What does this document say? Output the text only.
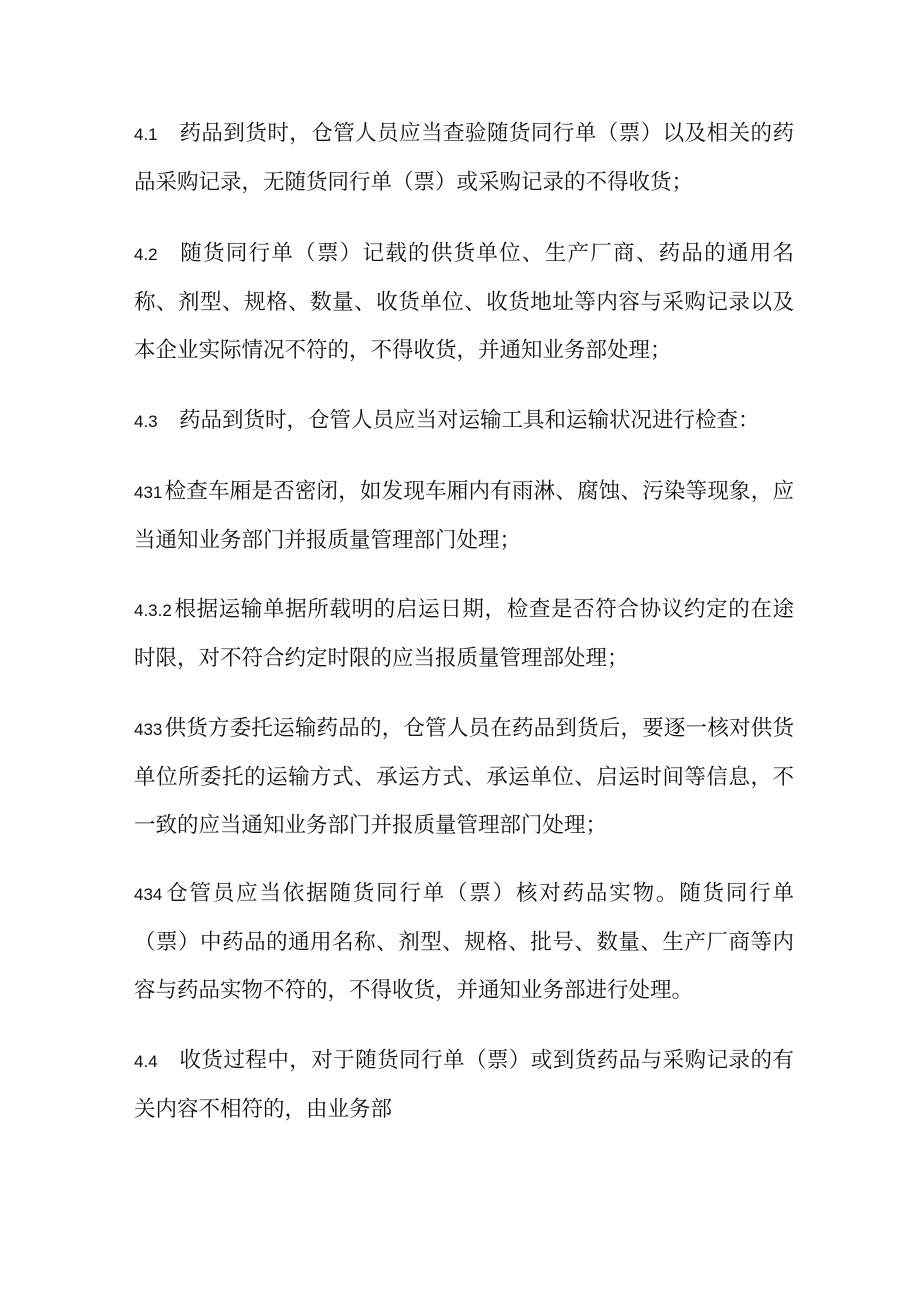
4.1 药品到货时，仓管人员应当查验随货同行单（票）以及相关的药品采购记录，无随货同行单（票）或采购记录的不得收货；

4.2 随货同行单（票）记载的供货单位、生产厂商、药品的通用名称、剂型、规格、数量、收货单位、收货地址等内容与采购记录以及本企业实际情况不符的，不得收货，并通知业务部处理；

4.3 药品到货时，仓管人员应当对运输工具和运输状况进行检查：

431检查车厢是否密闭，如发现车厢内有雨淋、腐蚀、污染等现象，应当通知业务部门并报质量管理部门处理；

4.3.2根据运输单据所载明的启运日期，检查是否符合协议约定的在途时限，对不符合约定时限的应当报质量管理部处理；

433供货方委托运输药品的，仓管人员在药品到货后，要逐一核对供货单位所委托的运输方式、承运方式、承运单位、启运时间等信息，不一致的应当通知业务部门并报质量管理部门处理；

434仓管员应当依据随货同行单（票）核对药品实物。随货同行单（票）中药品的通用名称、剂型、规格、批号、数量、生产厂商等内容与药品实物不符的，不得收货，并通知业务部进行处理。

4.4 收货过程中，对于随货同行单（票）或到货药品与采购记录的有关内容不相符的，由业务部
